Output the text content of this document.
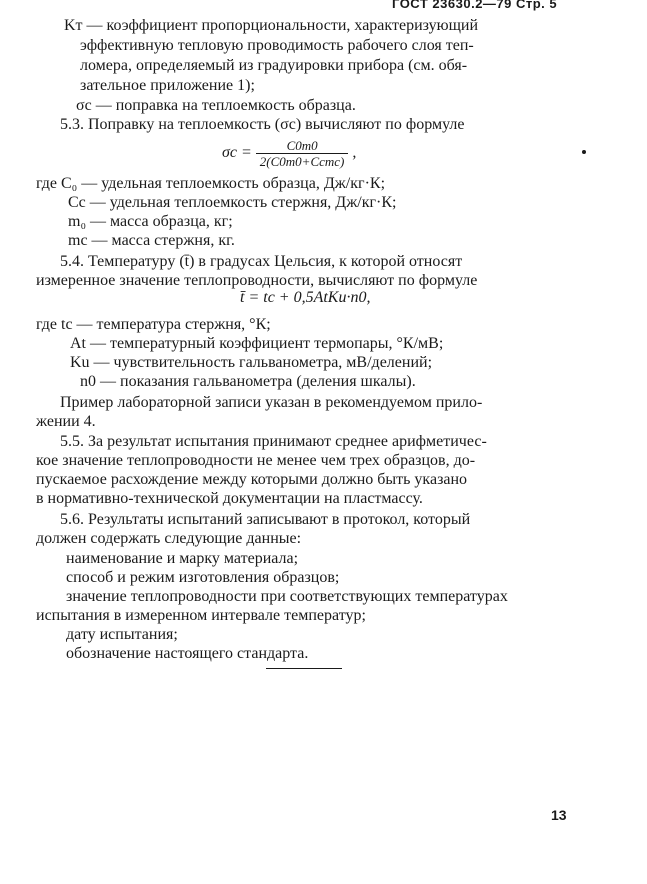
ГОСТ 23630.2—79 Стр. 5
Kт — коэффициент пропорциональности, характеризующий
эффективную тепловую проводимость рабочего слоя теп-
ломера, определяемый из градуировки прибора (см. обя-
зательное приложение 1);
σc — поправка на теплоемкость образца.
5.3. Поправку на теплоемкость (σc) вычисляют по формуле
$\sigma c = \frac{C0m0}{\text{2(C0m0+Ccmc)}}$ ,
где C₀ — удельная теплоемкость образца, Дж/кг·К;
Cc — удельная теплоемкость стержня, Дж/кг·К;
m₀ — масса образца, кг;
mc — масса стержня, кг.
5.4. Температуру (t̄) в градусах Цельсия, к которой относят
измеренное значение теплопроводности, вычисляют по формуле
t̄ = tc + 0,5AtKu·n0,
где tc — температура стержня, °К;
At — температурный коэффициент термопары, °К/мВ;
Ku — чувствительность гальванометра, мВ/делений;
n0 — показания гальванометра (деления шкалы).
Пример лабораторной записи указан в рекомендуемом прило-
жении 4.
5.5. За результат испытания принимают среднее арифметичес-
кое значение теплопроводности не менее чем трех образцов, до-
пускаемое расхождение между которыми должно быть указано
в нормативно-технической документации на пластмассу.
5.6. Результаты испытаний записывают в протокол, который
должен содержать следующие данные:
наименование и марку материала;
способ и режим изготовления образцов;
значение теплопроводности при соответствующих температурах
испытания в измеренном интервале температур;
дату испытания;
обозначение настоящего стандарта.
13
